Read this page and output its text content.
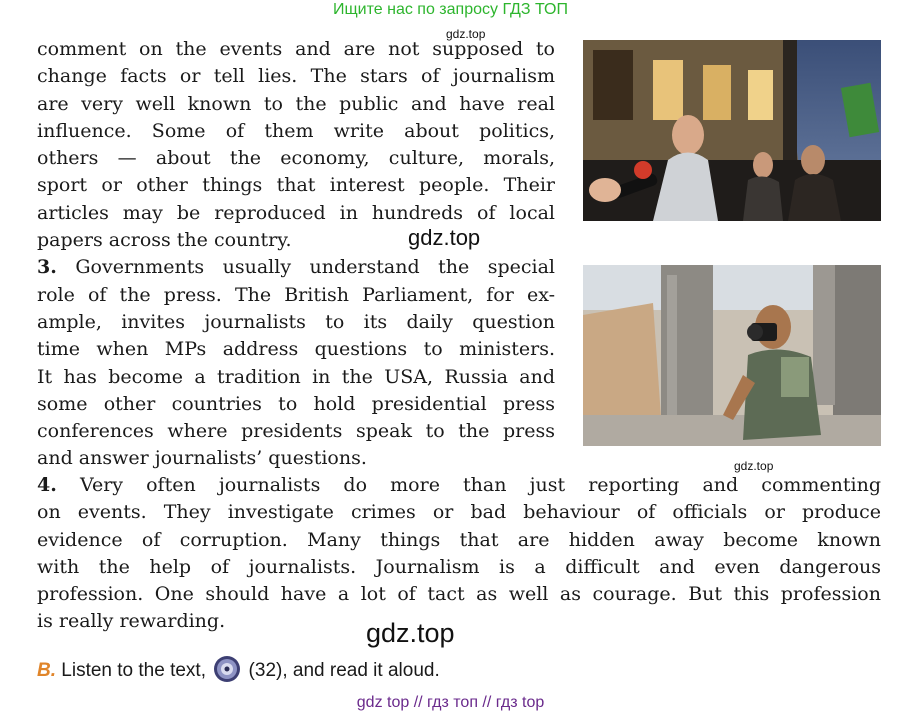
Ищите нас по запросу ГДЗ ТОП
gdz.top
comment on the events and are not supposed to
change facts or tell lies. The stars of journalism
are very well known to the public and have real
influence. Some of them write about politics,
others — about the economy, culture, morals,
sport or other things that interest people. Their
articles may be reproduced in hundreds of local
papers across the country.
3. Governments usually understand the special
role of the press. The British Parliament, for ex-
ample, invites journalists to its daily question
time when MPs address questions to ministers.
It has become a tradition in the USA, Russia and
some other countries to hold presidential press
conferences where presidents speak to the press
and answer journalists’ questions.
gdz.top
gdz.top
4. Very often journalists do more than just reporting and commenting
on events. They investigate crimes or bad behaviour of officials or produce
evidence of corruption. Many things that are hidden away become known
with the help of journalists. Journalism is a difficult and even dangerous
profession. One should have a lot of tact as well as courage. But this profession
is really rewarding.	gdz.top
B. Listen to the text, (32), and read it aloud.
gdz top // гдз топ // гдз top
